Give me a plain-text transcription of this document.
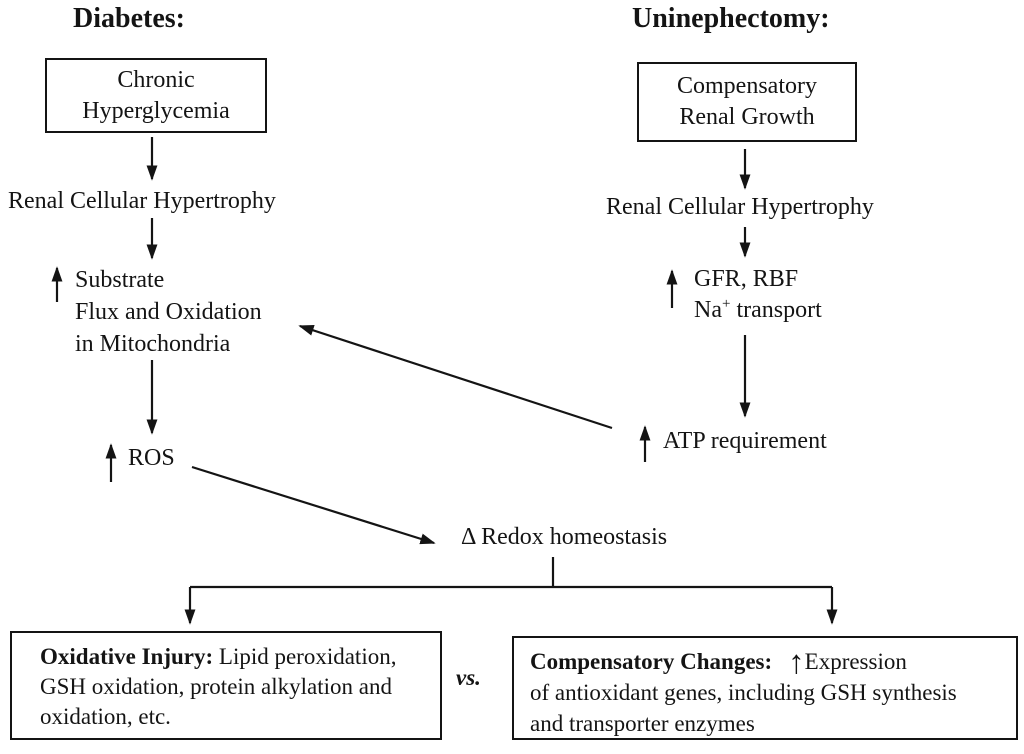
Diabetes:
Chronic
Hyperglycemia
Renal Cellular Hypertrophy
Substrate
Flux and Oxidation
in Mitochondria
ROS
Uninephectomy:
Compensatory
Renal Growth
Renal Cellular Hypertrophy
GFR, RBF
Na+ transport
ATP requirement
Δ Redox homeostasis
Oxidative Injury: Lipid peroxidation,
GSH oxidation, protein alkylation and
oxidation, etc.
vs.
Compensatory Changes: ↑Expression
of antioxidant genes, including GSH synthesis
and transporter enzymes
